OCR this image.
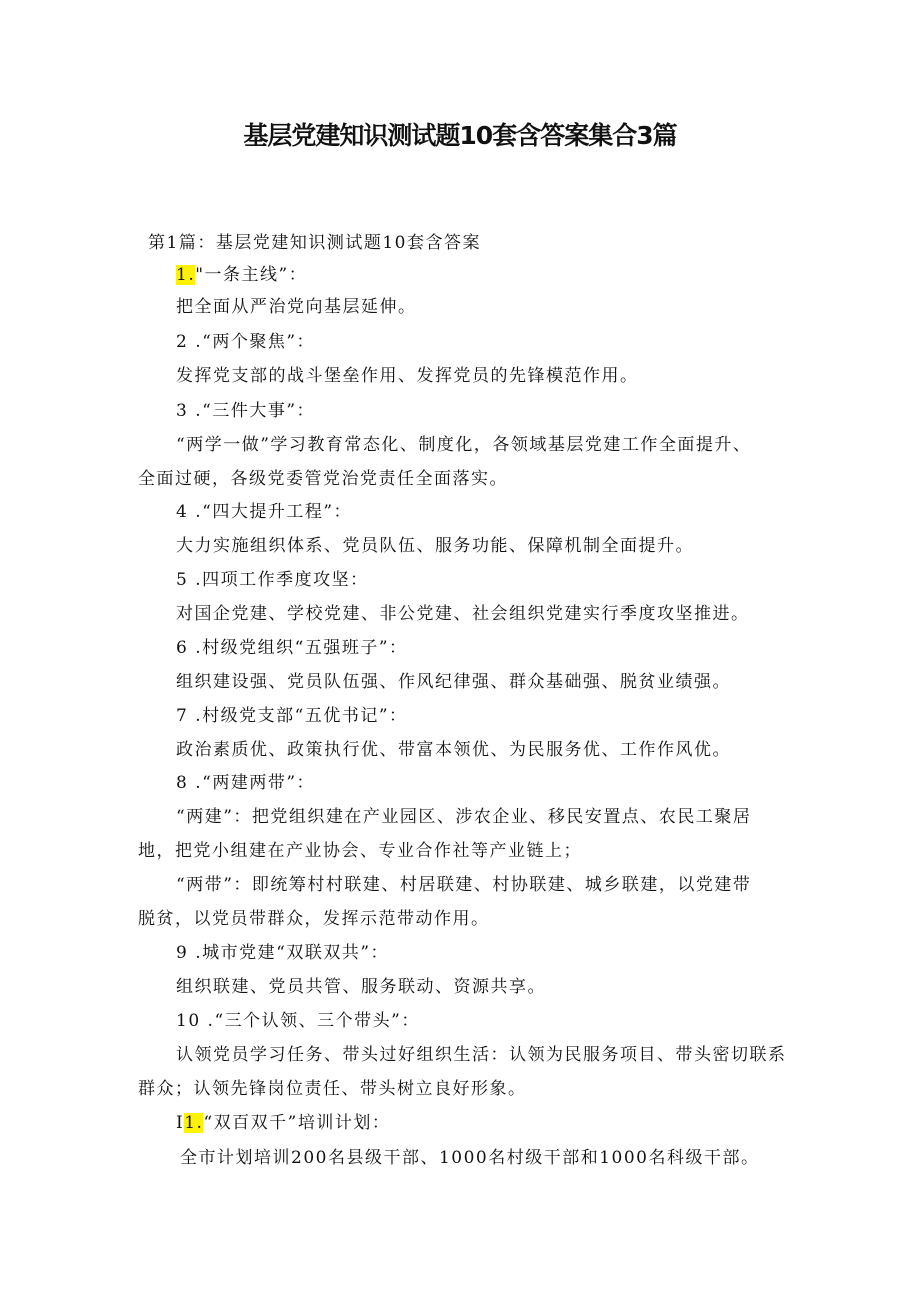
基层党建知识测试题10套含答案集合3篇
第1篇：基层党建知识测试题10套含答案
1."一条主线”：
把全面从严治党向基层延伸。
2 .“两个聚焦”：
发挥党支部的战斗堡垒作用、发挥党员的先锋模范作用。
3 .“三件大事”：
“两学一做”学习教育常态化、制度化，各领域基层党建工作全面提升、
全面过硬，各级党委管党治党责任全面落实。
4 .“四大提升工程”：
大力实施组织体系、党员队伍、服务功能、保障机制全面提升。
5 .四项工作季度攻坚：
对国企党建、学校党建、非公党建、社会组织党建实行季度攻坚推进。
6 .村级党组织“五强班子”：
组织建设强、党员队伍强、作风纪律强、群众基础强、脱贫业绩强。
7 .村级党支部“五优书记”：
政治素质优、政策执行优、带富本领优、为民服务优、工作作风优。
8 .“两建两带”：
“两建”：把党组织建在产业园区、涉农企业、移民安置点、农民工聚居
地，把党小组建在产业协会、专业合作社等产业链上；
“两带”：即统筹村村联建、村居联建、村协联建、城乡联建，以党建带
脱贫，以党员带群众，发挥示范带动作用。
9 .城市党建“双联双共”：
组织联建、党员共管、服务联动、资源共享。
10 .“三个认领、三个带头”：
认领党员学习任务、带头过好组织生活：认领为民服务项目、带头密切联系
群众；认领先锋岗位责任、带头树立良好形象。
I1.“双百双千”培训计划：
全市计划培训200名县级干部、1000名村级干部和1000名科级干部。
